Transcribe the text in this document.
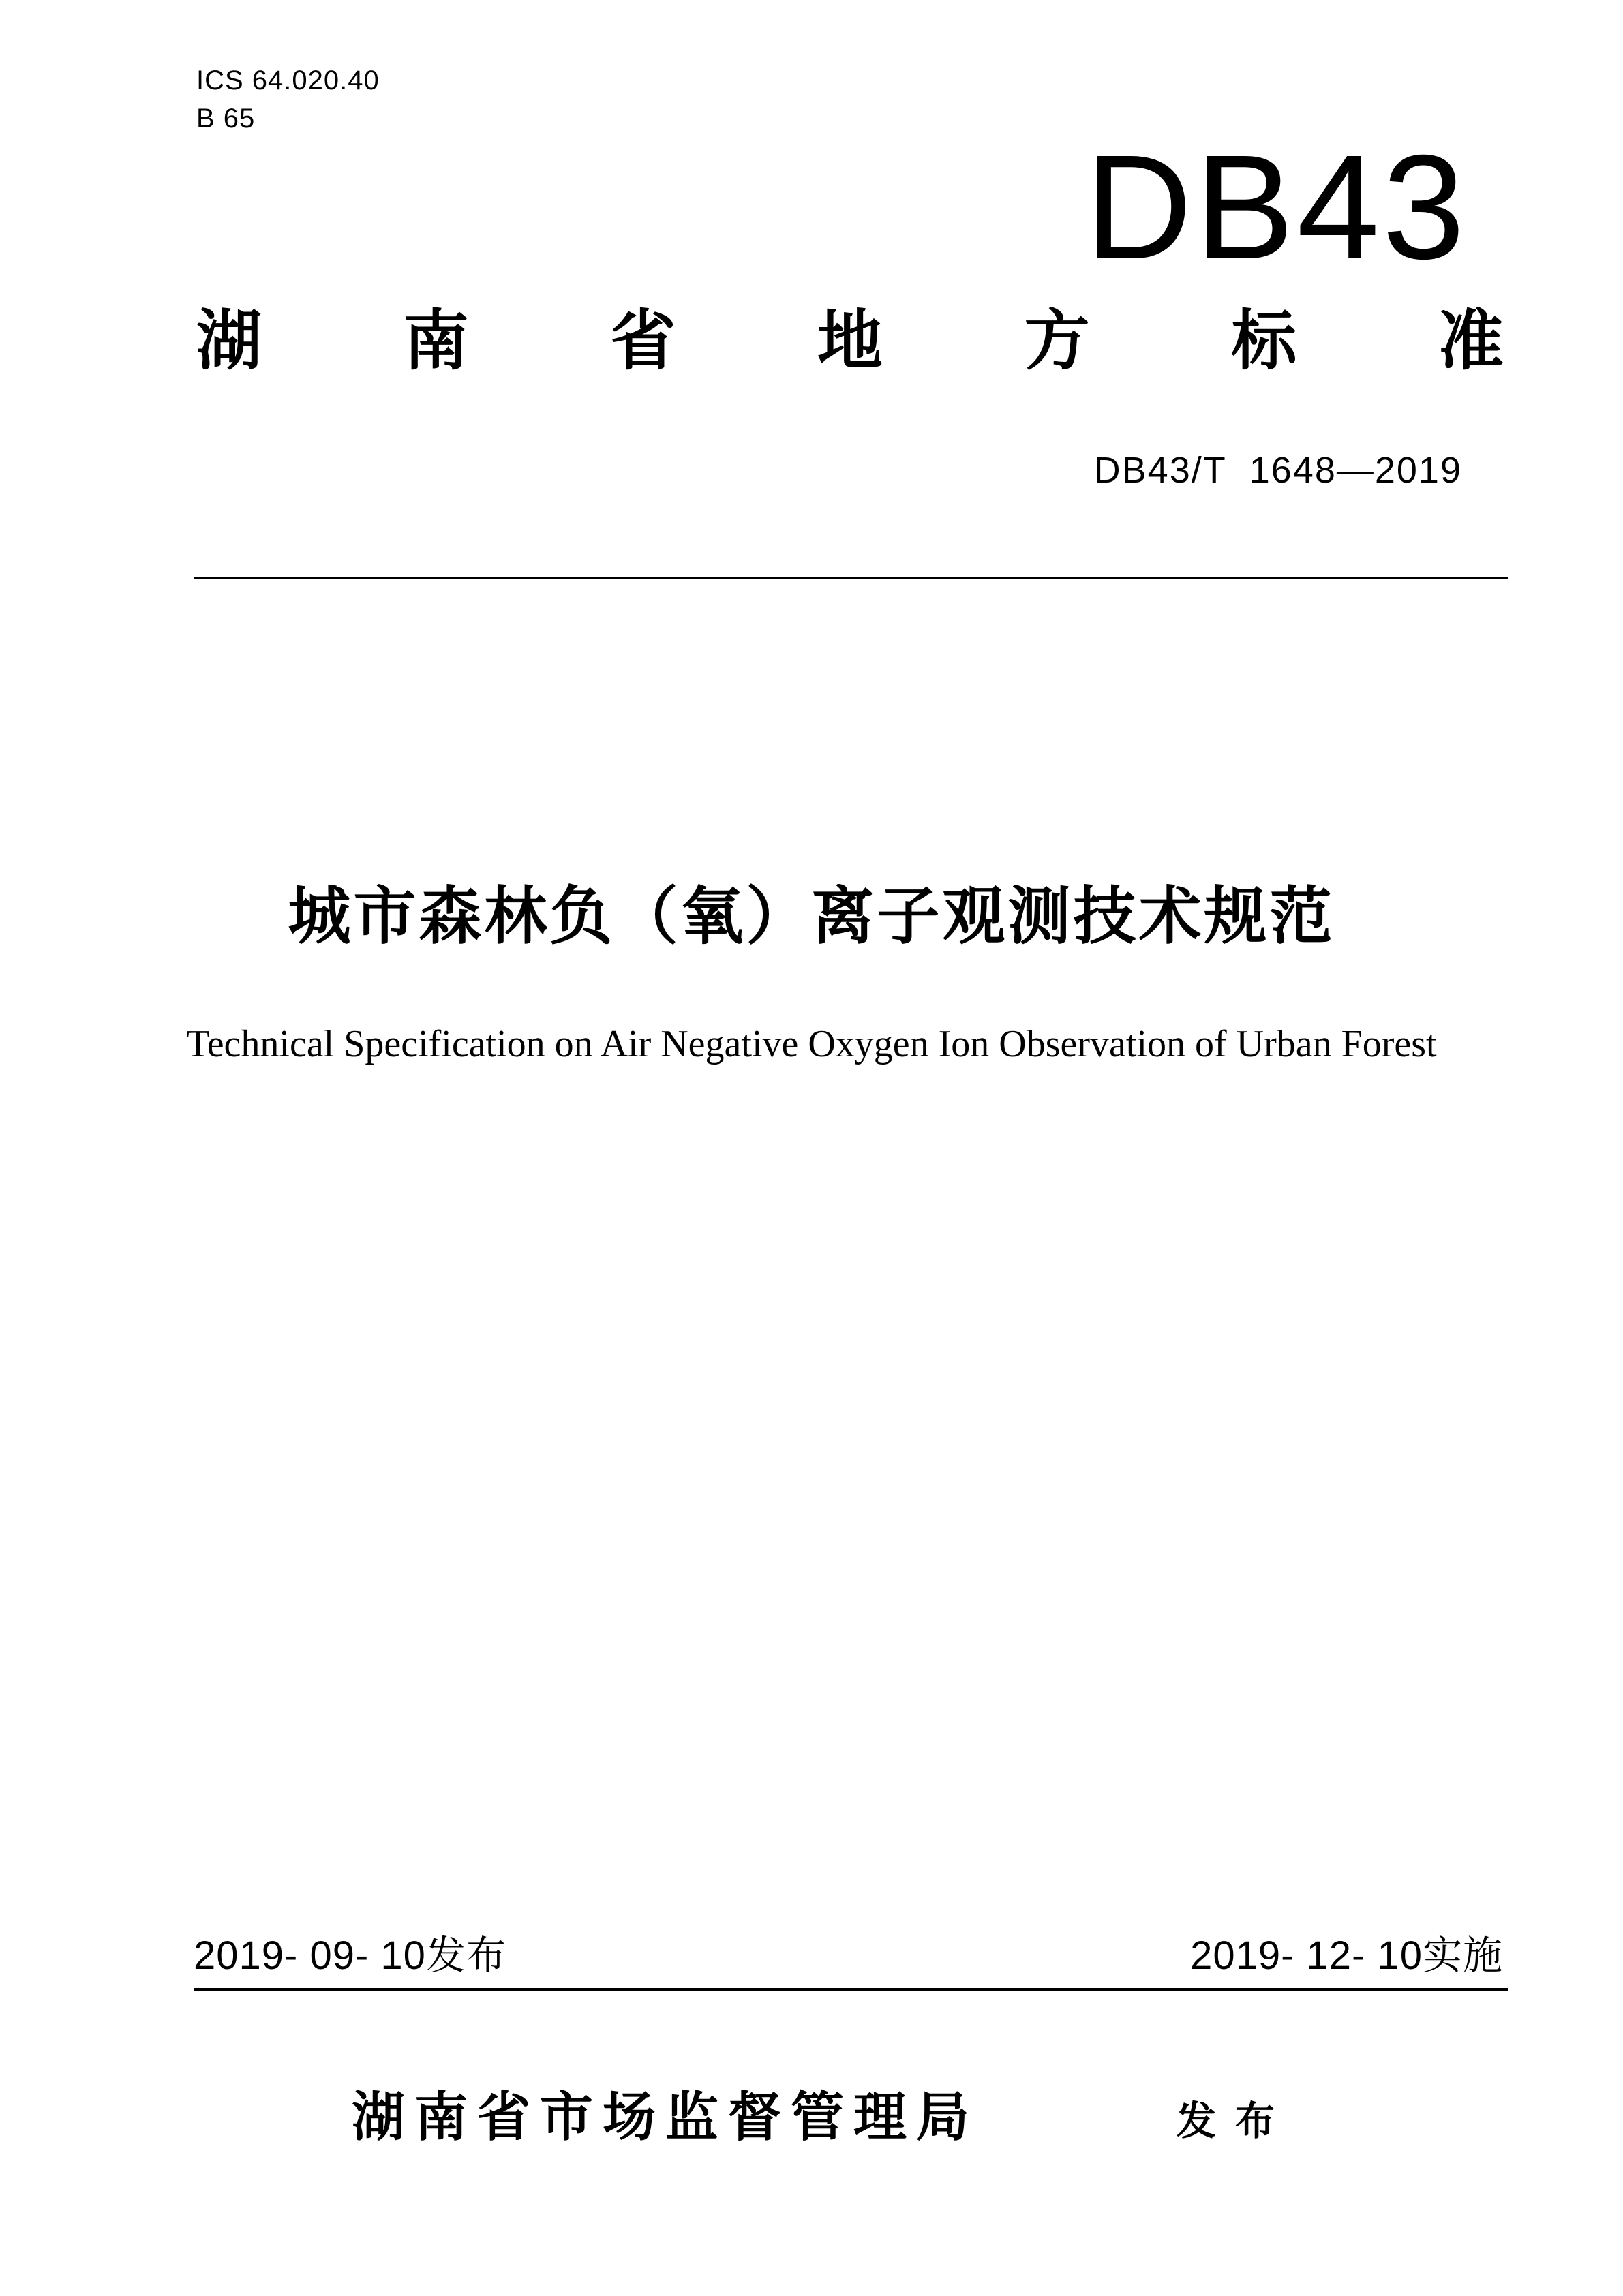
ICS 64.020.40
B 65
DB43
湖 南 省 地 方 标 准
DB43/T  1648—2019
城市森林负（氧）离子观测技术规范
Technical Specification on Air Negative Oxygen Ion Observation of Urban Forest
2019- 09- 10发布	2019- 12- 10实施
湖南省市场监督管理局	发布
